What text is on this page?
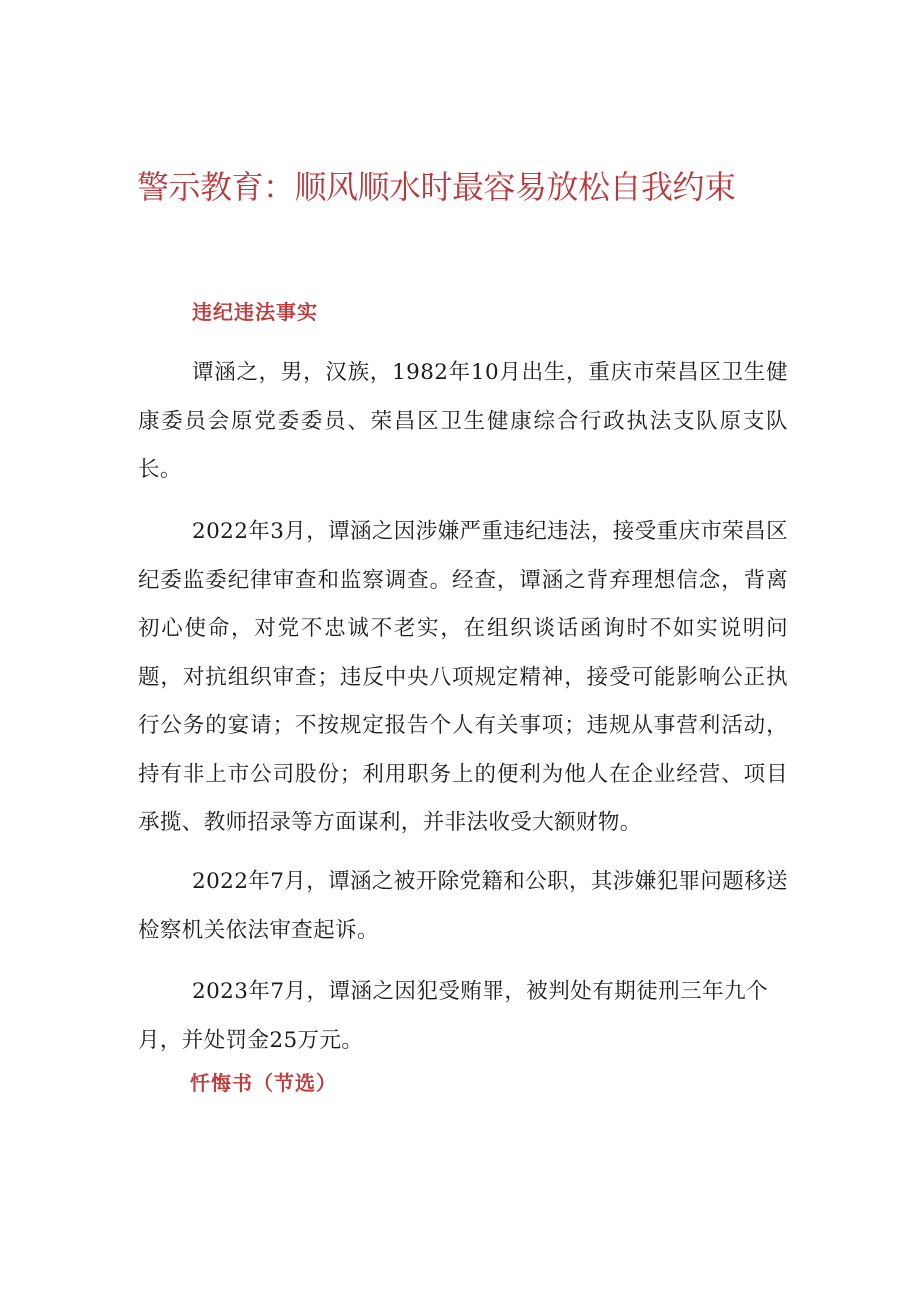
警示教育：顺风顺水时最容易放松自我约束
违纪违法事实

谭涵之，男，汉族，1982年10月出生，重庆市荣昌区卫生健康委员会原党委委员、荣昌区卫生健康综合行政执法支队原支队长。

2022年3月，谭涵之因涉嫌严重违纪违法，接受重庆市荣昌区纪委监委纪律审查和监察调查。经查，谭涵之背弃理想信念，背离初心使命，对党不忠诚不老实，在组织谈话函询时不如实说明问题，对抗组织审查；违反中央八项规定精神，接受可能影响公正执行公务的宴请；不按规定报告个人有关事项；违规从事营利活动，持有非上市公司股份；利用职务上的便利为他人在企业经营、项目承揽、教师招录等方面谋利，并非法收受大额财物。

2022年7月，谭涵之被开除党籍和公职，其涉嫌犯罪问题移送检察机关依法审查起诉。

2023年7月，谭涵之因犯受贿罪，被判处有期徒刑三年九个月，并处罚金25万元。

忏悔书（节选）
